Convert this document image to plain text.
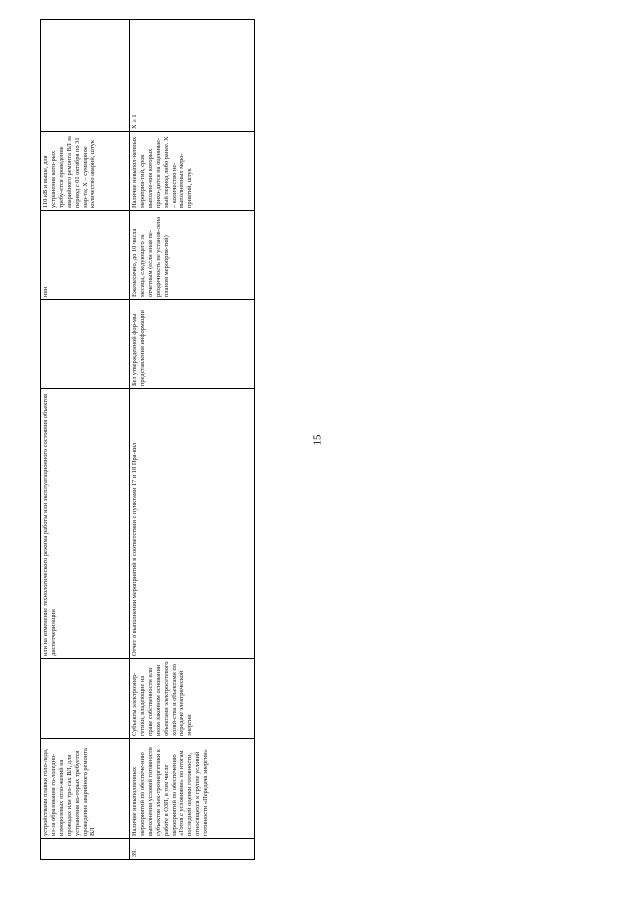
15
	устройствами плавки голо-леда, из-за образования го-лоледно-изморозевых отло-жений на проводах или тро-сах ВЛ, для устранения ко-торых требуется проведение аварийного ремонта ВЛ		или на изменение технологического режима работы или эксплуатационного состояния объектов диспетчеризации		нии	110 кВ и выше, для устранения кото-рых требу-ется проведение аварийного ремонта ВЛ за период с 01 октября по 31 мар-та; Х – суммарное количество аварий, штук	
39.	Наличие невыполненных мероприятий по обеспече-нию выполнения условий готовности субъектов элек-троэнергетики к работе в ОЗП, в том числе мероприятий по обеспечению «Готов с условиями» по итогам последней оценки готовности, относящихся к группе условий готовности «Передача энергии»	Субъекты электроэнер-гетики, владеющие на праве собственности или ином законном основании объектами электросетевого хозяй-ства и объектами по передаче электрической энергии	Отчет о выполнении мероприятий в соответствии с пунктами 17 и 18 Пра-вил	Без утвержденной фор-мы представления информации	Ежемесячно, до 10 числа месяца, следующего за отчетным (если иная пе-риодичность не установ-лена планом мероприя-тий)	Наличие невыпол-ненных мероприя-тий, срок выполне-ния которых прихо-дится на оценивае-мый период либо ранее. Х – количество не-выполненных меро-приятий, штук	Х ≥ 1
